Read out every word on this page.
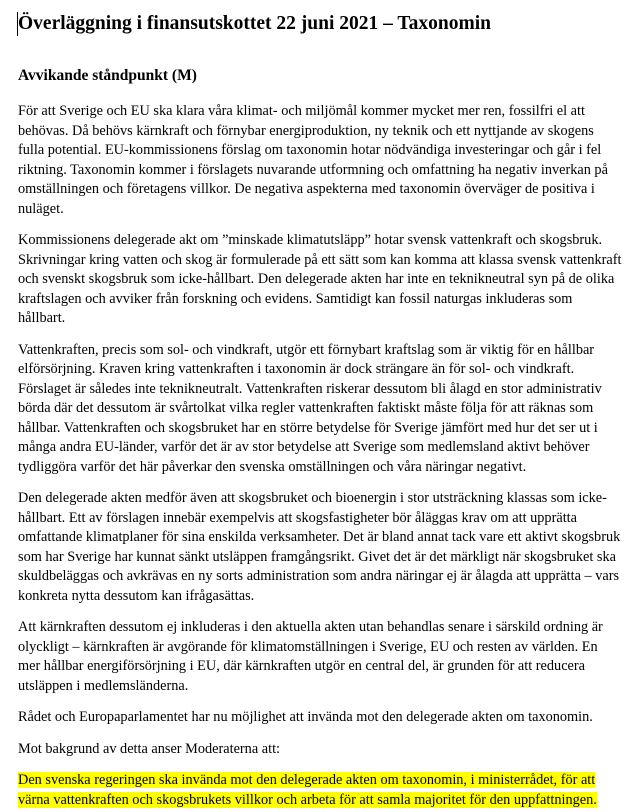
Överläggning i finansutskottet 22 juni 2021 – Taxonomin
Avvikande ståndpunkt (M)

För att Sverige och EU ska klara våra klimat- och miljömål kommer mycket mer ren, fossilfri el att behövas. Då behövs kärnkraft och förnybar energiproduktion, ny teknik och ett nyttjande av skogens fulla potential. EU-kommissionens förslag om taxonomin hotar nödvändiga investeringar och går i fel riktning. Taxonomin kommer i förslagets nuvarande utformning och omfattning ha negativ inverkan på omställningen och företagens villkor. De negativa aspekterna med taxonomin överväger de positiva i nuläget.

Kommissionens delegerade akt om ”minskade klimatutsläpp” hotar svensk vattenkraft och skogsbruk. Skrivningar kring vatten och skog är formulerade på ett sätt som kan komma att klassa svensk vattenkraft och svenskt skogsbruk som icke-hållbart. Den delegerade akten har inte en teknikneutral syn på de olika kraftslagen och avviker från forskning och evidens. Samtidigt kan fossil naturgas inkluderas som hållbart.

Vattenkraften, precis som sol- och vindkraft, utgör ett förnybart kraftslag som är viktig för en hållbar elförsörjning. Kraven kring vattenkraften i taxonomin är dock strängare än för sol- och vindkraft. Förslaget är således inte teknikneutralt. Vattenkraften riskerar dessutom bli ålagd en stor administrativ börda där det dessutom är svårtolkat vilka regler vattenkraften faktiskt måste följa för att räknas som hållbar. Vattenkraften och skogsbruket har en större betydelse för Sverige jämfört med hur det ser ut i många andra EU-länder, varför det är av stor betydelse att Sverige som medlemsland aktivt behöver tydliggöra varför det här påverkar den svenska omställningen och våra näringar negativt.

Den delegerade akten medför även att skogsbruket och bioenergin i stor utsträckning klassas som icke-hållbart. Ett av förslagen innebär exempelvis att skogsfastigheter bör åläggas krav om att upprätta omfattande klimatplaner för sina enskilda verksamheter. Det är bland annat tack vare ett aktivt skogsbruk som har Sverige har kunnat sänkt utsläppen framgångsrikt. Givet det är det märkligt när skogsbruket ska skuldbeläggas och avkrävas en ny sorts administration som andra näringar ej är ålagda att upprätta – vars konkreta nytta dessutom kan ifrågasättas.

Att kärnkraften dessutom ej inkluderas i den aktuella akten utan behandlas senare i särskild ordning är olyckligt – kärnkraften är avgörande för klimatomställningen i Sverige, EU och resten av världen. En mer hållbar energiförsörjning i EU, där kärnkraften utgör en central del, är grunden för att reducera utsläppen i medlemsländerna.

Rådet och Europaparlamentet har nu möjlighet att invända mot den delegerade akten om taxonomin.

Mot bakgrund av detta anser Moderaterna att:

Den svenska regeringen ska invända mot den delegerade akten om taxonomin, i ministerrådet, för att värna vattenkraften och skogsbrukets villkor och arbeta för att samla majoritet för den uppfattningen.
